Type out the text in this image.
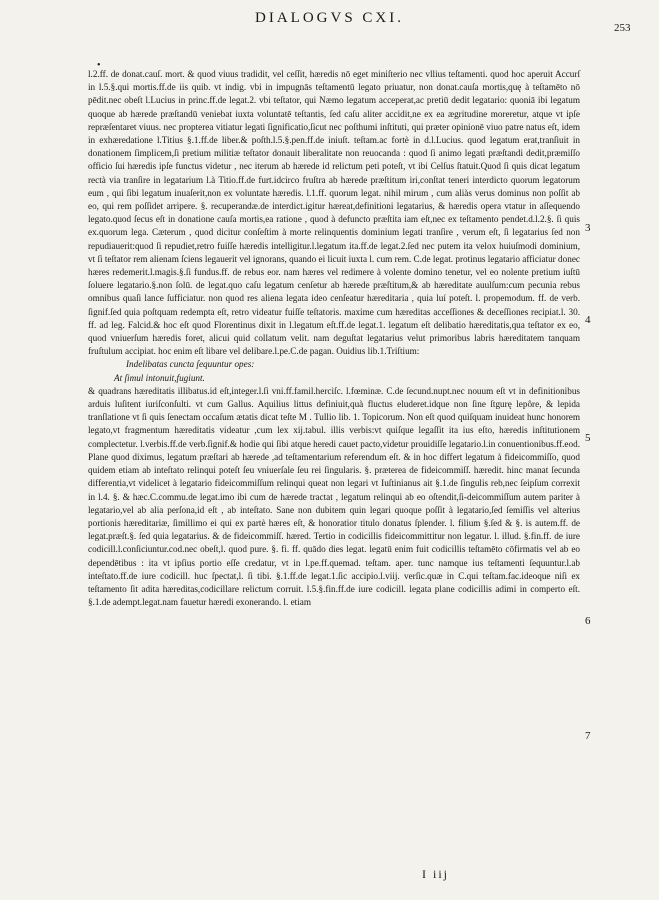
DIALOGVS CXI.
253
•

l.2.ff. de donat.cauſ. mort. & quod viuus tradidit, vel ceſſit, hæredis nō eget miniſterio nec vllius teſtamenti. quod hoc aperuit Accurſ in l.5.§.qui mortis.ff.de iis quib. vt indig. vbi in impugnās teſtamentū legato priuatur, non donat.cauſa mortis,quę à teſtamēto nō pēdit.nec obeſt l.Lucius in princ.ff.de legat.2. vbi teſtator, qui Næmo legatum acceperat,ac pretiū dedit legatario: quoniā ibi legatum quoque ab hærede præſtandū veniebat iuxta voluntatē teſtantis, ſed caſu aliter accidit,ne ex ea ægritudine moreretur, atque vt ipſe repræſentaret viuus. nec propterea vitiatur legati ſignificatio,ſicut nec poſthumi inſtituti, qui præter opinionē viuo patre natus eſt, idem in exhæredatione l.Titius §.1.ff.de liber.& poſth.l.5.§.pen.ff.de iniuſt. teſtam.ac fortè in d.l.Lucius. quod legatum erat,tranſiuit in donationem ſimplicem,ſi pretium militiæ teſtator donauit liberalitate non reuocanda : quod ſi animo legati præſtandi dedit,præmiſſo officio ſui hæredis ipſe functus videtur , nec iterum ab hærede id relictum peti poteſt, vt ibi Celſus ſtatuit.Quod ſi quis dicat legatum rectà via tranſire in legatarium l.à Titio.ff.de furt.idcirco fruſtra ab hærede præſtitum iri,conſtat teneri interdicto quorum legatorum eum , qui ſibi legatum inuaſerit,non ex voluntate hæredis. l.1.ff. quorum legat. nihil mirum , cum aliàs verus dominus non poſſit ab eo, qui rem poſſidet arripere. §. recuperandæ.de interdict.igitur hæreat,definitioni legatarius, & hæredis opera vtatur in aſſequendo legato.quod ſecus eſt in donatione cauſa mortis,ea ratione , quod à defuncto præſtita iam eſt,nec ex teſtamento pendet.d.l.2.§. ſi quis ex.quorum lega. Cæterum , quod dicitur conſeſtim à morte relinquentis dominium legati tranſire , verum eſt, ſi legatarius ſed non repudiauerit:quod ſi repudiet,retro fuiſſe hæredis intelligitur.l.legatum ita.ff.de legat.2.ſed nec putem ita velox huiuſmodi dominium, vt ſi teſtator rem alienam ſciens legauerit vel ignorans, quando ei licuit iuxta l. cum rem. C.de legat. protinus legatario afficiatur donec hæres redemerit.l.magis.§.ſi fundus.ff. de rebus eor. nam hæres vel redimere à volente domino tenetur, vel eo nolente pretium iuſtū ſoluere legatario.§.non ſolū. de legat.quo caſu legatum cenſetur ab hærede præſtitum,& ab hæreditate auulſum:cum pecunia rebus omnibus quaſi lance ſufficiatur. non quod res aliena legata ideo cenſeatur hæreditaria , quia luí poteſt. l. propemodum. ff. de verb. ſignif.ſed quia poſtquam redempta eſt, retro videatur fuiſſe teſtatoris. maxime cum hæreditas acceſſiones & deceſſiones recipiat.l. 30. ff. ad leg. Falcid.& hoc eſt quod Florentinus dixit in l.legatum eſt.ff.de legat.1. legatum eſt delibatio hæreditatis,qua teſtator ex eo, quod vniuerſum hæredis foret, alicui quid collatum velit. nam deguſtat legatarius velut primoribus labris hæreditatem tanquam fruſtulum accipiat. hoc enim eſt libare vel delibare.l.pe.C.de pagan. Ouidius lib.1.Triſtium:

Indelibatas cuncta ſequuntur opes:

At ſimul intonuit,fugiunt.

& quadrans hæreditatis illibatus.id eſt,integer.l.ſi vni.ff.famil.hercìſc. l.fœminæ. C.de ſecund.nupt.nec nouum eſt vt in definitionibus arduis luſitent iuriſconſulti. vt cum Gallus. Aquilius littus definiuit,quà fluctus eluderet.idque non ſine ſtgurę lepôre, & lepida tranſlatione vt ſi quis ſenectam occaſum ætatis dicat teſte M . Tullio lib. 1. Topicorum. Non eſt quod quiſquam inuideat hunc honorem legato,vt fragmentum hæreditatis videatur ,cum lex xij.tabul. illis verbis:vt quiſque legaſſit ita ius eſto, hæredis inſtitutionem complectetur. l.verbis.ff.de verb.ſignif.& hodie qui ſibi atque heredi cauet pacto,videtur prouidiſſe legatario.l.in conuentionibus.ff.eod. Plane quod diximus, legatum præſtari ab hærede ,ad teſtamentarium referendum eſt. & in hoc differt legatum à fideicommiſſo, quod quidem etiam ab inteſtato relinqui poteſt ſeu vniuerſale ſeu rei ſingularis. §. præterea de fideicommiſſ. hæredit. hinc manat ſecunda differentia,vt videlicet à legatario fideicommiſſum relinqui queat non legari vt Iuſtinianus ait §.1.de ſingulis reb,nec ſeipſum correxit in l.4. §. & hæc.C.commu.de legat.imo ibi cum de hærede tractat , legatum relinqui ab eo oſtendit,ſi-deicommiſſum autem pariter à legatario,vel ab alia perſona,id eſt , ab inteſtato. Sane non dubitem quin legari quoque poſſit à legatario,ſed ſemiſſis vel alterius portionis hæreditariæ, ſimillimo ei qui ex partè hæres eſt, & honoratior titulo donatus ſplender. l. filium §.ſed & §. is autem.ff. de legat.præſt.§. ſed quia legatarius. & de fideicommiſſ. hæred. Tertio in codicillis fideicommittitur non legatur. l. illud. §.fin.ff. de iure codicill.l.conſiciuntur.cod.nec obeſt,l. quod pure. §. fi. ff. quādo dies legat. legatū enim fuit codicillis teſtamēto cōfirmatis vel ab eo dependētibus : ita vt ipſius portio eſſe credatur, vt in l.pe.ff.quemad. teſtam. aper. tunc namque ius teſtamenti ſequuntur.l.ab inteſtato.ff.de iure codicill. huc ſpectat,l. ſi tibi. §.1.ff.de legat.1.ſic accipio.l.viij. verſic.quæ in C.qui teſtam.fac.ideoque niſi ex teſtamento ſit adita hæreditas,codicillare relictum corruit. l.5.§.fin.ff.de iure codicill. legata plane codicillis adimi in comperto eſt. §.1.de adempt.legat.nam fauetur hæredi exonerando. l. etiam

3
4
5
6
7
I iij
